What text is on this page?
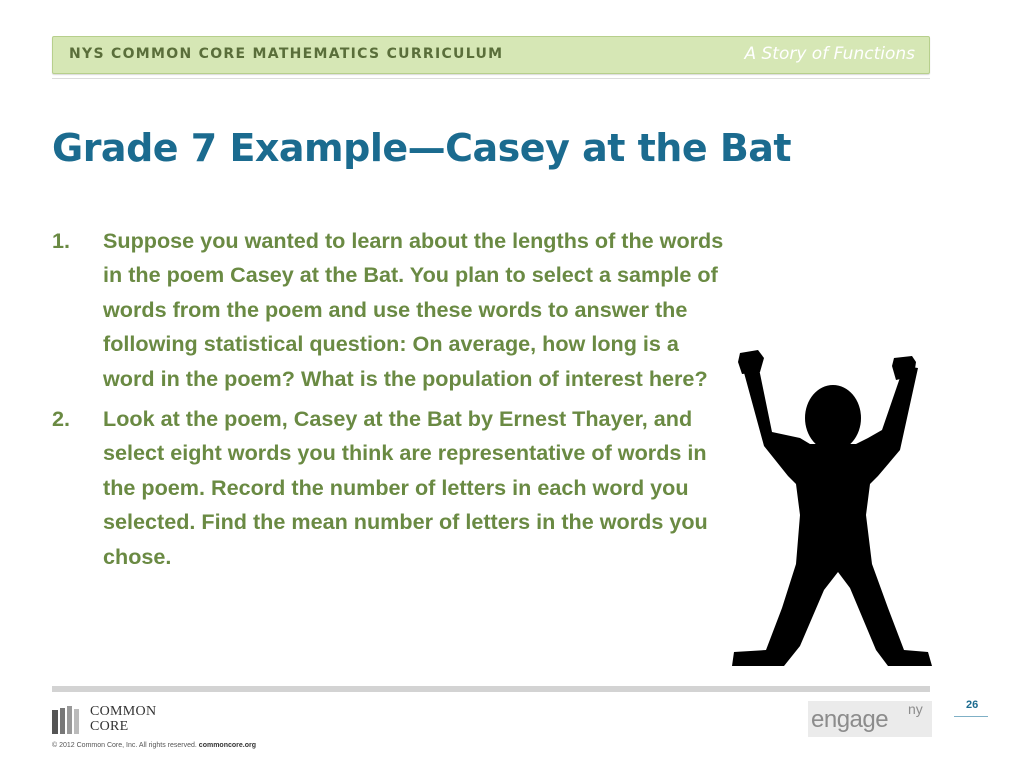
NYS COMMON CORE MATHEMATICS CURRICULUM	A Story of Functions
Grade 7 Example—Casey at the Bat
1. Suppose you wanted to learn about the lengths of the words in the poem Casey at the Bat. You plan to select a sample of words from the poem and use these words to answer the following statistical question: On average, how long is a word in the poem? What is the population of interest here?
2. Look at the poem, Casey at the Bat by Ernest Thayer, and select eight words you think are representative of words in the poem. Record the number of letters in each word you selected. Find the mean number of letters in the words you chose.
COMMON
CORE	engage ny	26
© 2012 Common Core, Inc. All rights reserved. commoncore.org
